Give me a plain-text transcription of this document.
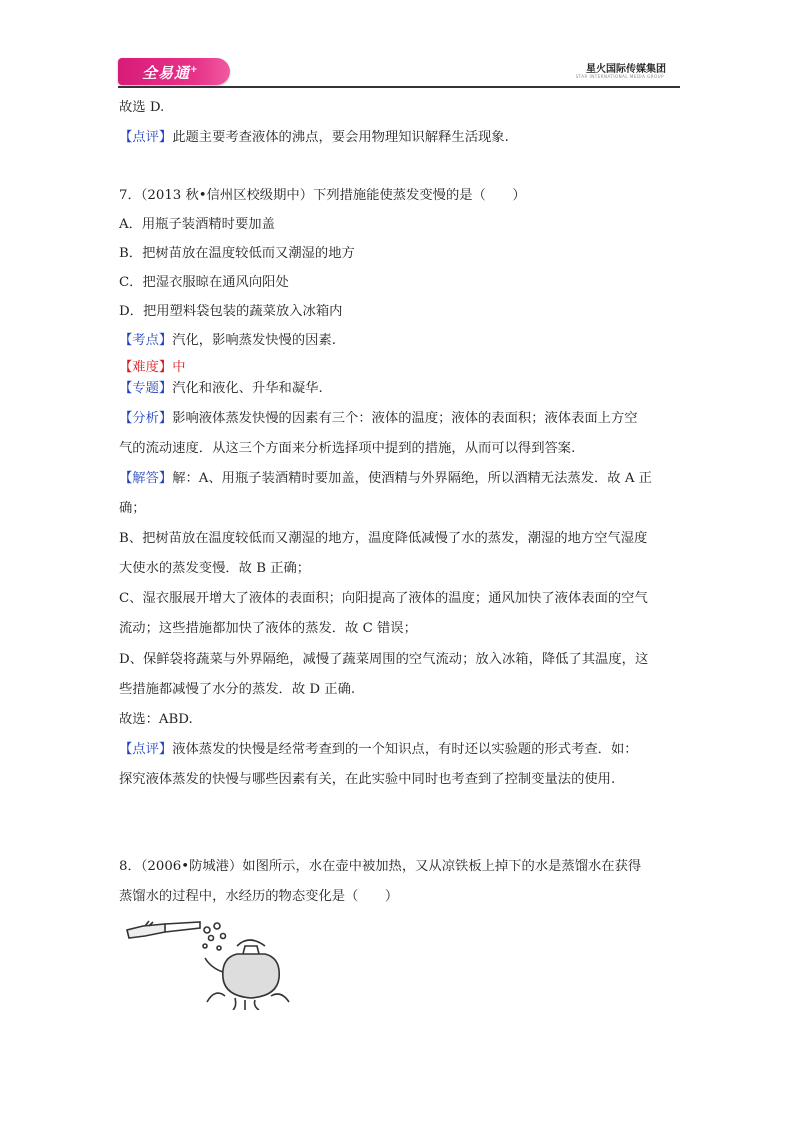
全易通+	星火国际传媒集团
STAR INTERNATIONAL MEDIA GROUP
故选 D.
【点评】此题主要考查液体的沸点，要会用物理知识解释生活现象.
7．（2013 秋•信州区校级期中）下列措施能使蒸发变慢的是（　　）
A．用瓶子装酒精时要加盖
B．把树苗放在温度较低而又潮湿的地方
C．把湿衣服晾在通风向阳处
D．把用塑料袋包装的蔬菜放入冰箱内
【考点】汽化，影响蒸发快慢的因素.
【难度】中
【专题】汽化和液化、升华和凝华.
【分析】影响液体蒸发快慢的因素有三个：液体的温度；液体的表面积；液体表面上方空
气的流动速度．从这三个方面来分析选择项中提到的措施，从而可以得到答案.
【解答】解：A、用瓶子装酒精时要加盖，使酒精与外界隔绝，所以酒精无法蒸发．故 A 正
确；
B、把树苗放在温度较低而又潮湿的地方，温度降低减慢了水的蒸发，潮湿的地方空气湿度
大使水的蒸发变慢．故 B 正确；
C、湿衣服展开增大了液体的表面积；向阳提高了液体的温度；通风加快了液体表面的空气
流动；这些措施都加快了液体的蒸发．故 C 错误；
D、保鲜袋将蔬菜与外界隔绝，减慢了蔬菜周围的空气流动；放入冰箱，降低了其温度，这
些措施都减慢了水分的蒸发．故 D 正确.
故选：ABD.
【点评】液体蒸发的快慢是经常考查到的一个知识点，有时还以实验题的形式考查．如：
探究液体蒸发的快慢与哪些因素有关，在此实验中同时也考查到了控制变量法的使用.
8．（2006•防城港）如图所示，水在壶中被加热，又从凉铁板上掉下的水是蒸馏水在获得
蒸馏水的过程中，水经历的物态变化是（　　）
